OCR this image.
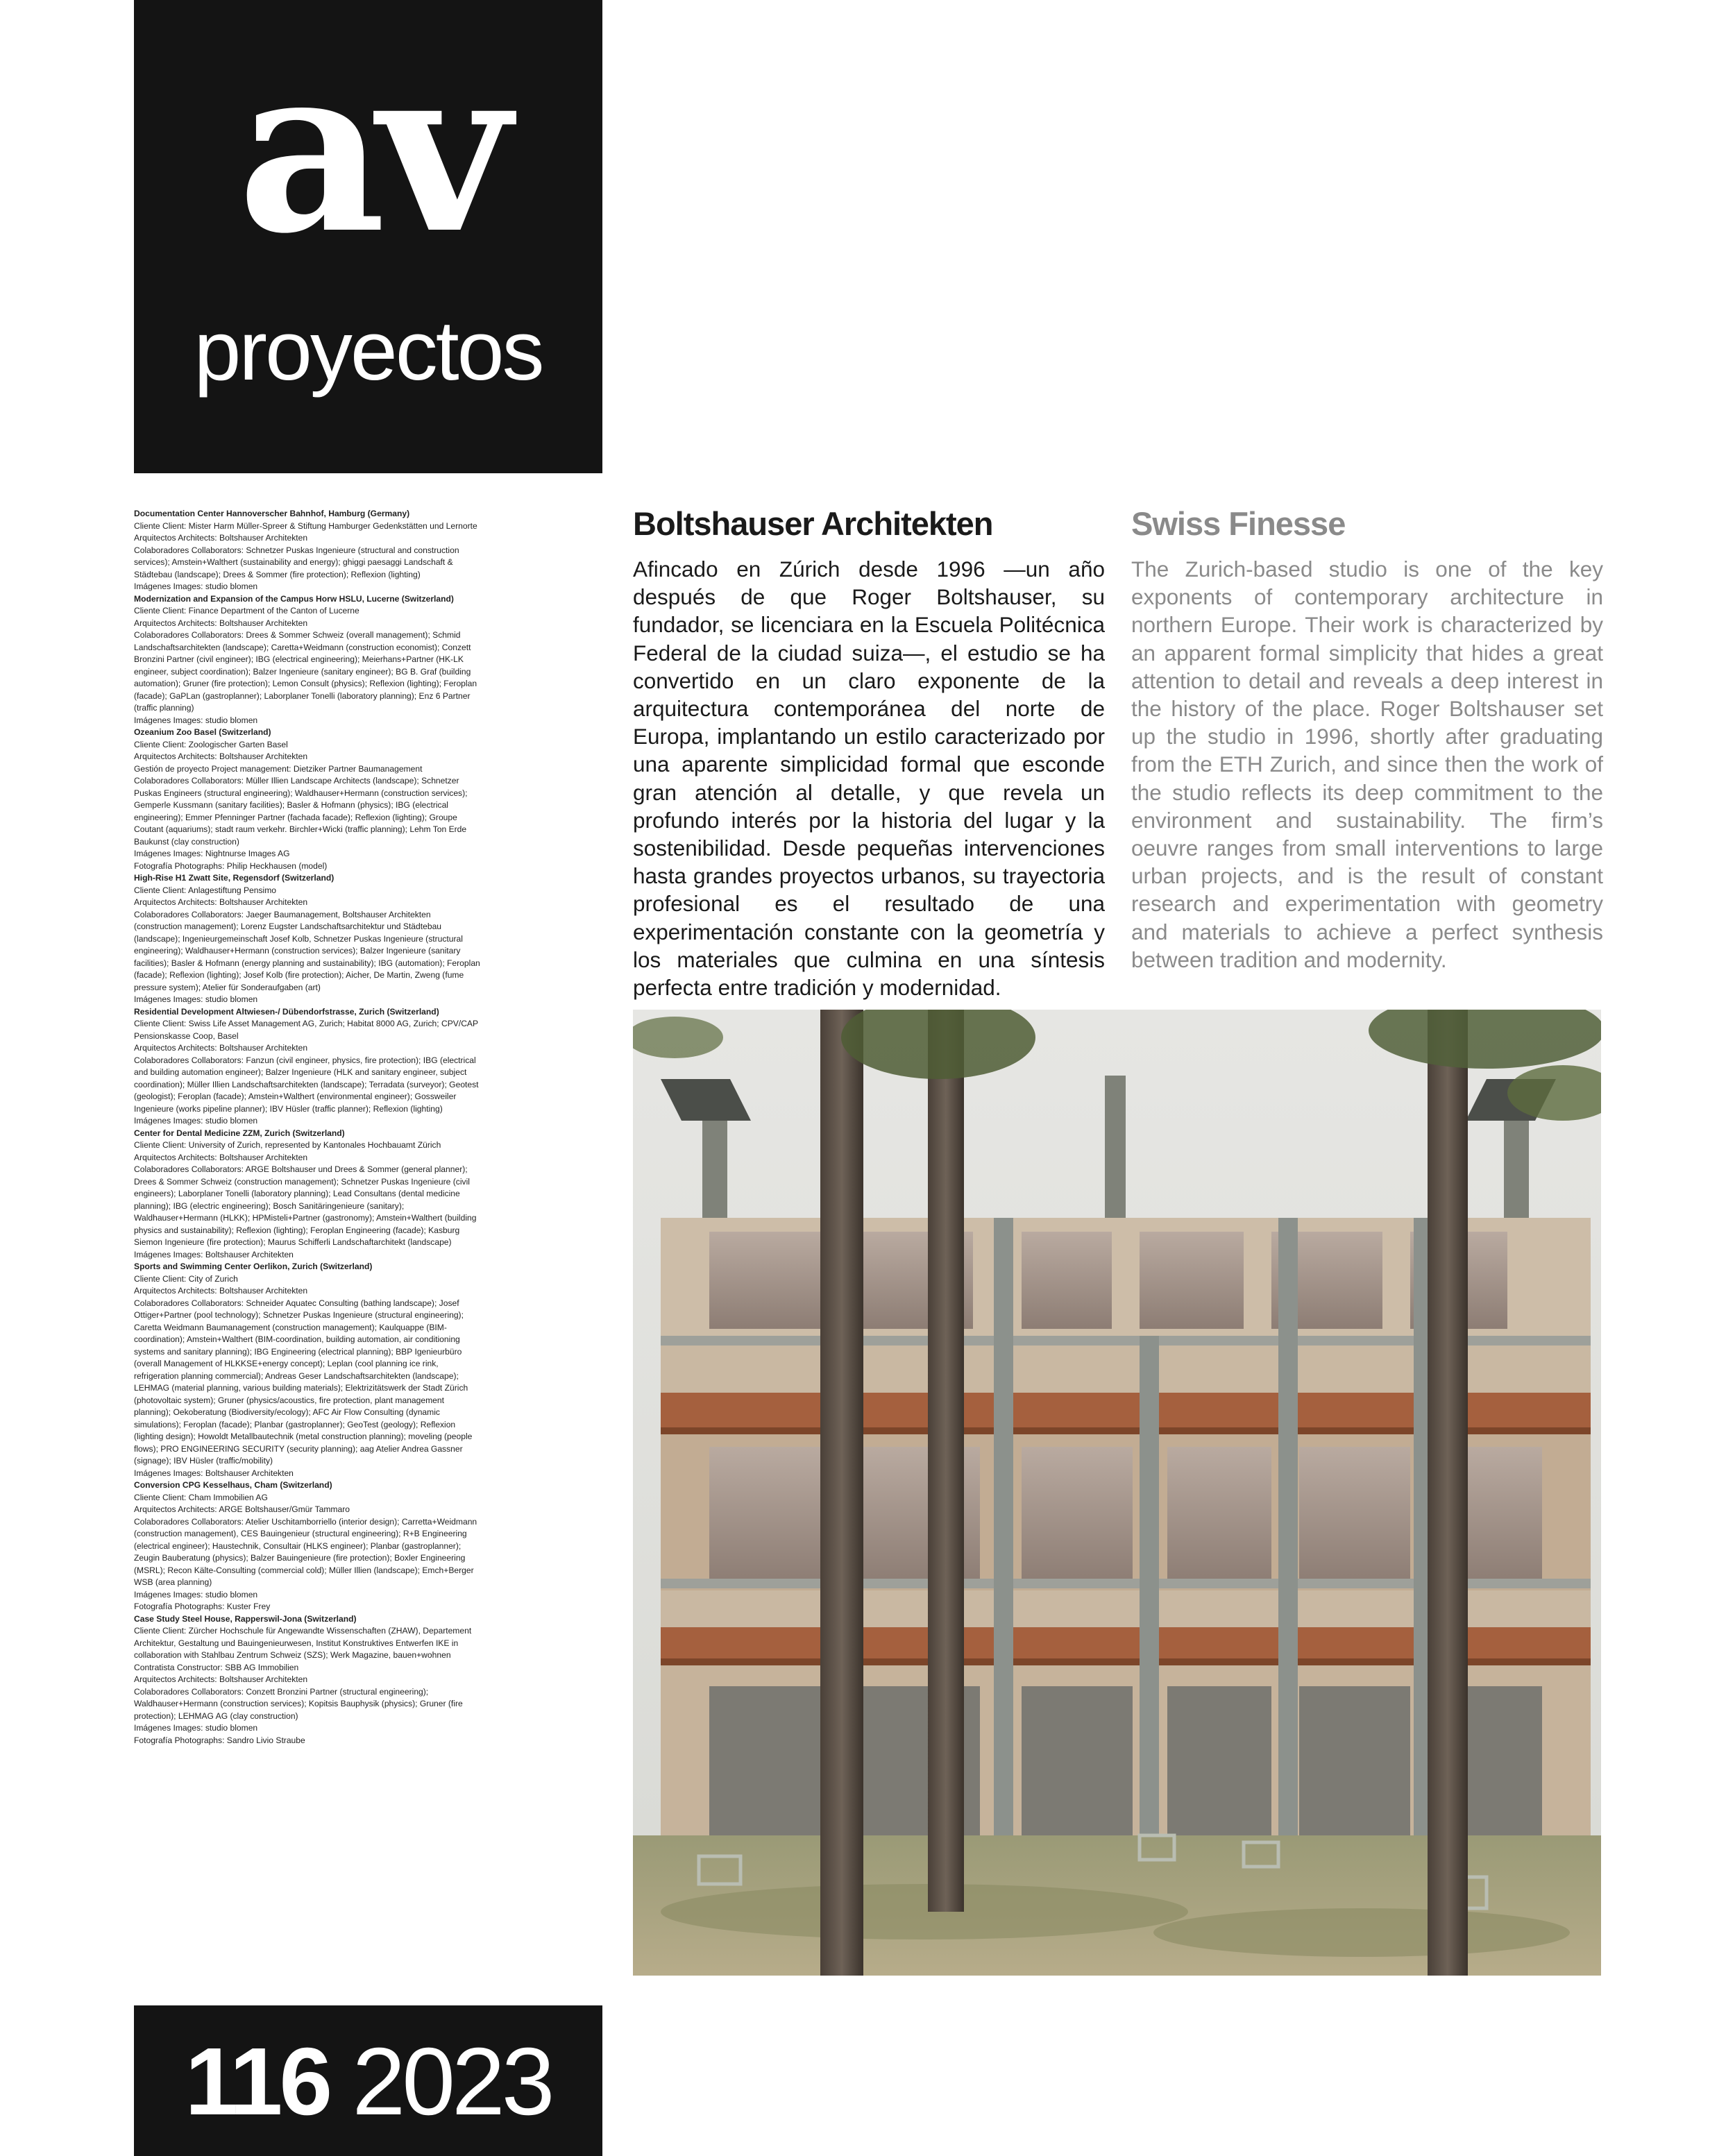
av
proyectos
Documentation Center Hannoverscher Bahnhof, Hamburg (Germany)
Cliente Client: Mister Harm Müller-Spreer & Stiftung Hamburger Gedenkstätten und Lernorte
Arquitectos Architects: Boltshauser Architekten
Colaboradores Collaborators: Schnetzer Puskas Ingenieure (structural and construction services); Amstein+Walthert (sustainability and energy); ghiggi paesaggi Landschaft & Städtebau (landscape); Drees & Sommer (fire protection); Reflexion (lighting)
Imágenes Images: studio blomen
Modernization and Expansion of the Campus Horw HSLU, Lucerne (Switzerland)
Cliente Client: Finance Department of the Canton of Lucerne
Arquitectos Architects: Boltshauser Architekten
Colaboradores Collaborators: Drees & Sommer Schweiz (overall management); Schmid Landschaftsarchitekten (landscape); Caretta+Weidmann (construction economist); Conzett Bronzini Partner (civil engineer); IBG (electrical engineering); Meierhans+Partner (HK-LK engineer, subject coordination); Balzer Ingenieure (sanitary engineer); BG B. Graf (building automation); Gruner (fire protection); Lemon Consult (physics); Reflexion (lighting); Feroplan (facade); GaPLan (gastroplanner); Laborplaner Tonelli (laboratory planning); Enz 6 Partner (traffic planning)
Imágenes Images: studio blomen
Ozeanium Zoo Basel (Switzerland)
Cliente Client: Zoologischer Garten Basel
Arquitectos Architects: Boltshauser Architekten
Gestión de proyecto Project management: Dietziker Partner Baumanagement
Colaboradores Collaborators: Müller Illien Landscape Architects (landscape); Schnetzer Puskas Engineers (structural engineering); Waldhauser+Hermann (construction services); Gemperle Kussmann (sanitary facilities); Basler & Hofmann (physics); IBG (electrical engineering); Emmer Pfenninger Partner (fachada facade); Reflexion (lighting); Groupe Coutant (aquariums); stadt raum verkehr. Birchler+Wicki (traffic planning); Lehm Ton Erde Baukunst (clay construction)
Imágenes Images: Nightnurse Images AG
Fotografía Photographs: Philip Heckhausen (model)
High-Rise H1 Zwatt Site, Regensdorf (Switzerland)
Cliente Client: Anlagestiftung Pensimo
Arquitectos Architects: Boltshauser Architekten
Colaboradores Collaborators: Jaeger Baumanagement, Boltshauser Architekten (construction management); Lorenz Eugster Landschaftsarchitektur und Städtebau (landscape); Ingenieurgemeinschaft Josef Kolb, Schnetzer Puskas Ingenieure (structural engineering); Waldhauser+Hermann (construction services); Balzer Ingenieure (sanitary facilities); Basler & Hofmann (energy planning and sustainability); IBG (automation); Feroplan (facade); Reflexion (lighting); Josef Kolb (fire protection); Aicher, De Martin, Zweng (fume pressure system); Atelier für Sonderaufgaben (art)
Imágenes Images: studio blomen
Residential Development Altwiesen-/ Dübendorfstrasse, Zurich (Switzerland)
Cliente Client: Swiss Life Asset Management AG, Zurich; Habitat 8000 AG, Zurich; CPV/CAP Pensionskasse Coop, Basel
Arquitectos Architects: Boltshauser Architekten
Colaboradores Collaborators: Fanzun (civil engineer, physics, fire protection); IBG (electrical and building automation engineer); Balzer Ingenieure (HLK and sanitary engineer, subject coordination); Müller Illien Landschaftsarchitekten (landscape); Terradata (surveyor); Geotest (geologist); Feroplan (facade); Amstein+Walthert (environmental engineer); Gossweiler Ingenieure (works pipeline planner); IBV Hüsler (traffic planner); Reflexion (lighting)
Imágenes Images: studio blomen
Center for Dental Medicine ZZM, Zurich (Switzerland)
Cliente Client: University of Zurich, represented by Kantonales Hochbauamt Zürich
Arquitectos Architects: Boltshauser Architekten
Colaboradores Collaborators: ARGE Boltshauser und Drees & Sommer (general planner); Drees & Sommer Schweiz (construction management); Schnetzer Puskas Ingenieure (civil engineers); Laborplaner Tonelli (laboratory planning); Lead Consultans (dental medicine planning); IBG (electric engineering); Bosch Sanitäringenieure (sanitary); Waldhauser+Hermann (HLKK); HPMisteli+Partner (gastronomy); Amstein+Walthert (building physics and sustainability); Reflexion (lighting); Feroplan Engineering (facade); Kasburg Siemon Ingenieure (fire protection); Maurus Schifferli Landschaftarchitekt (landscape)
Imágenes Images: Boltshauser Architekten
Sports and Swimming Center Oerlikon, Zurich (Switzerland)
Cliente Client: City of Zurich
Arquitectos Architects: Boltshauser Architekten
Colaboradores Collaborators: Schneider Aquatec Consulting (bathing landscape); Josef Ottiger+Partner (pool technology); Schnetzer Puskas Ingenieure (structural engineering); Caretta Weidmann Baumanagement (construction management); Kaulquappe (BIM-coordination); Amstein+Walthert (BIM-coordination, building automation, air conditioning systems and sanitary planning); IBG Engineering (electrical planning); BBP Igenieurbüro (overall Management of HLKKSE+energy concept); Leplan (cool planning ice rink, refrigeration planning commercial); Andreas Geser Landschaftsarchitekten (landscape); LEHMAG (material planning, various building materials); Elektrizitätswerk der Stadt Zürich (photovoltaic system); Gruner (physics/acoustics, fire protection, plant management planning); Oekoberatung (Biodiversity/ecology); AFC Air Flow Consulting (dynamic simulations); Feroplan (facade); Planbar (gastroplanner); GeoTest (geology); Reflexion (lighting design); Howoldt Metallbautechnik (metal construction planning); moveling (people flows); PRO ENGINEERING SECURITY (security planning); aag Atelier Andrea Gassner (signage); IBV Hüsler (traffic/mobility)
Imágenes Images: Boltshauser Architekten
Conversion CPG Kesselhaus, Cham (Switzerland)
Cliente Client: Cham Immobilien AG
Arquitectos Architects: ARGE Boltshauser/Gmür Tammaro
Colaboradores Collaborators: Atelier Uschitamborriello (interior design); Carretta+Weidmann (construction management), CES Bauingenieur (structural engineering); R+B Engineering (electrical engineer); Haustechnik, Consultair (HLKS engineer); Planbar (gastroplanner); Zeugin Bauberatung (physics); Balzer Bauingenieure (fire protection); Boxler Engineering (MSRL); Recon Kälte-Consulting (commercial cold); Müller Illien (landscape); Emch+Berger WSB (area planning)
Imágenes Images: studio blomen
Fotografía Photographs: Kuster Frey
Case Study Steel House, Rapperswil-Jona (Switzerland)
Cliente Client: Zürcher Hochschule für Angewandte Wissenschaften (ZHAW), Departement Architektur, Gestaltung und Bauingenieurwesen, Institut Konstruktives Entwerfen IKE in collaboration with Stahlbau Zentrum Schweiz (SZS); Werk Magazine, bauen+wohnen
Contratista Constructor: SBB AG Immobilien
Arquitectos Architects: Boltshauser Architekten
Colaboradores Collaborators: Conzett Bronzini Partner (structural engineering); Waldhauser+Hermann (construction services); Kopitsis Bauphysik (physics); Gruner (fire protection); LEHMAG AG (clay construction)
Imágenes Images: studio blomen
Fotografía Photographs: Sandro Livio Straube
116 2023
Boltshauser Architekten	Swiss Finesse
Afincado en Zúrich desde 1996 —un año después de que Roger Boltshauser, su fundador, se licenciara en la Escuela Politécnica Federal de la ciudad suiza—, el estudio se ha convertido en un claro exponente de la arquitectura contemporánea del norte de Europa, implantando un estilo caracterizado por una aparente simplicidad formal que esconde gran atención al detalle, y que revela un profundo interés por la historia del lugar y la sostenibilidad. Desde pequeñas intervenciones hasta grandes proyectos urbanos, su trayectoria profesional es el resultado de una experimentación constante con la geometría y los materiales que culmina en una síntesis perfecta entre tradición y modernidad.
The Zurich-based studio is one of the key exponents of contemporary architecture in northern Europe. Their work is characterized by an apparent formal simplicity that hides a great attention to detail and reveals a deep interest in the history of the place. Roger Boltshauser set up the studio in 1996, shortly after graduating from the ETH Zurich, and since then the work of the studio reflects its deep commitment to the environment and sustainability. The firm’s oeuvre ranges from small interventions to large urban projects, and is the result of constant research and experimentation with geometry and materials to achieve a perfect synthesis between tradition and modernity.
